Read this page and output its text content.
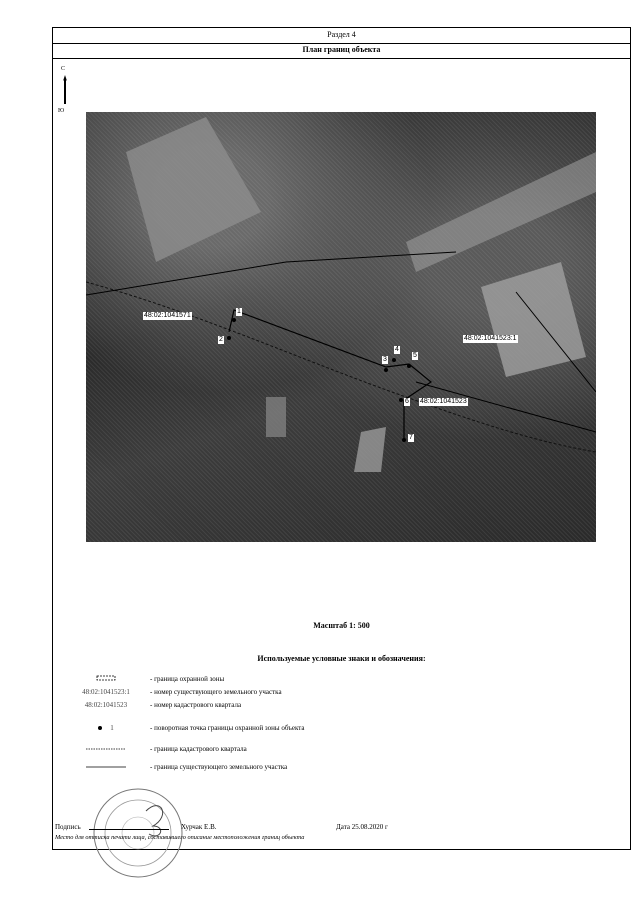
Раздел 4
План границ объекта
С
Ю
1
2
3
4
5
6
7
48:02:1041571
48:02:1041523:1
48:02:1041523
Масштаб 1: 500
Используемые условные знаки и обозначения:
- граница охранной зоны
48:02:1041523:1	- номер существующего земельного участка
48:02:1041523	- номер кадастрового квартала
1	- поворотная точка границы охранной зоны объекта
- граница кадастрового квартала
- граница существующего земельного участка
Подпись	Хурчак Е.В.	Дата 25.08.2020 г
Место для оттиска печати лица, составившего описание местоположения границ объекта
